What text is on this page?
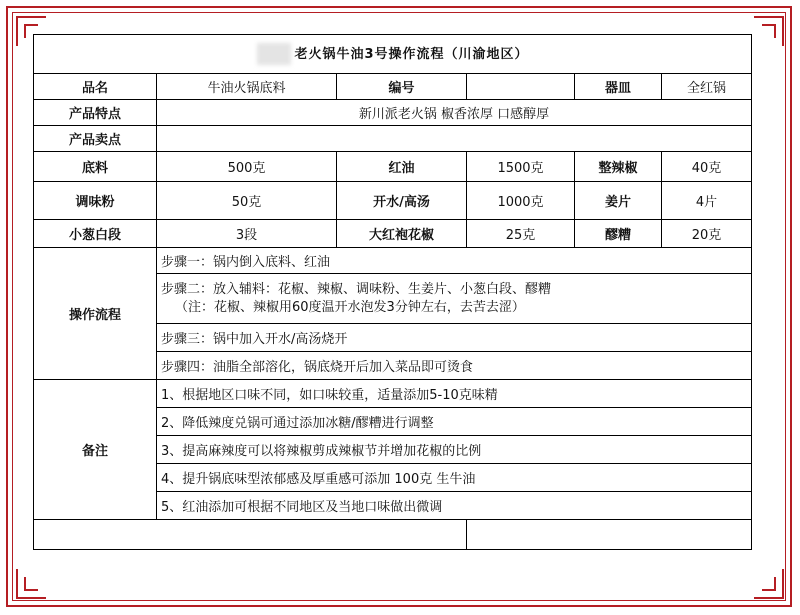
老火锅牛油3号操作流程（川渝地区）					
品名	牛油火锅底料	编号		器皿	全红锅
产品特点	新川派老火锅 椒香浓厚 口感醇厚				
产品卖点					
底料	500克	红油	1500克	整辣椒	40克
调味粉	50克	开水/高汤	1000克	姜片	4片
小葱白段	3段	大红袍花椒	25克	醪糟	20克
操作流程	步骤一：锅内倒入底料、红油				

	步骤二：放入辅料：花椒、辣椒、调味粉、生姜片、小葱白段、醪糟
（注：花椒、辣椒用60度温开水泡发3分钟左右，去苦去涩）				

	步骤三：锅中加入开水/高汤烧开				
	步骤四：油脂全部溶化，锅底烧开后加入菜品即可烫食				
备注	1、根据地区口味不同，如口味较重，适量添加5-10克味精				
	2、降低辣度兑锅可通过添加冰糖/醪糟进行调整				
	3、提高麻辣度可以将辣椒剪成辣椒节并增加花椒的比例				
	4、提升锅底味型浓郁感及厚重感可添加 100克 生牛油				
	5、红油添加可根据不同地区及当地口味做出微调				
